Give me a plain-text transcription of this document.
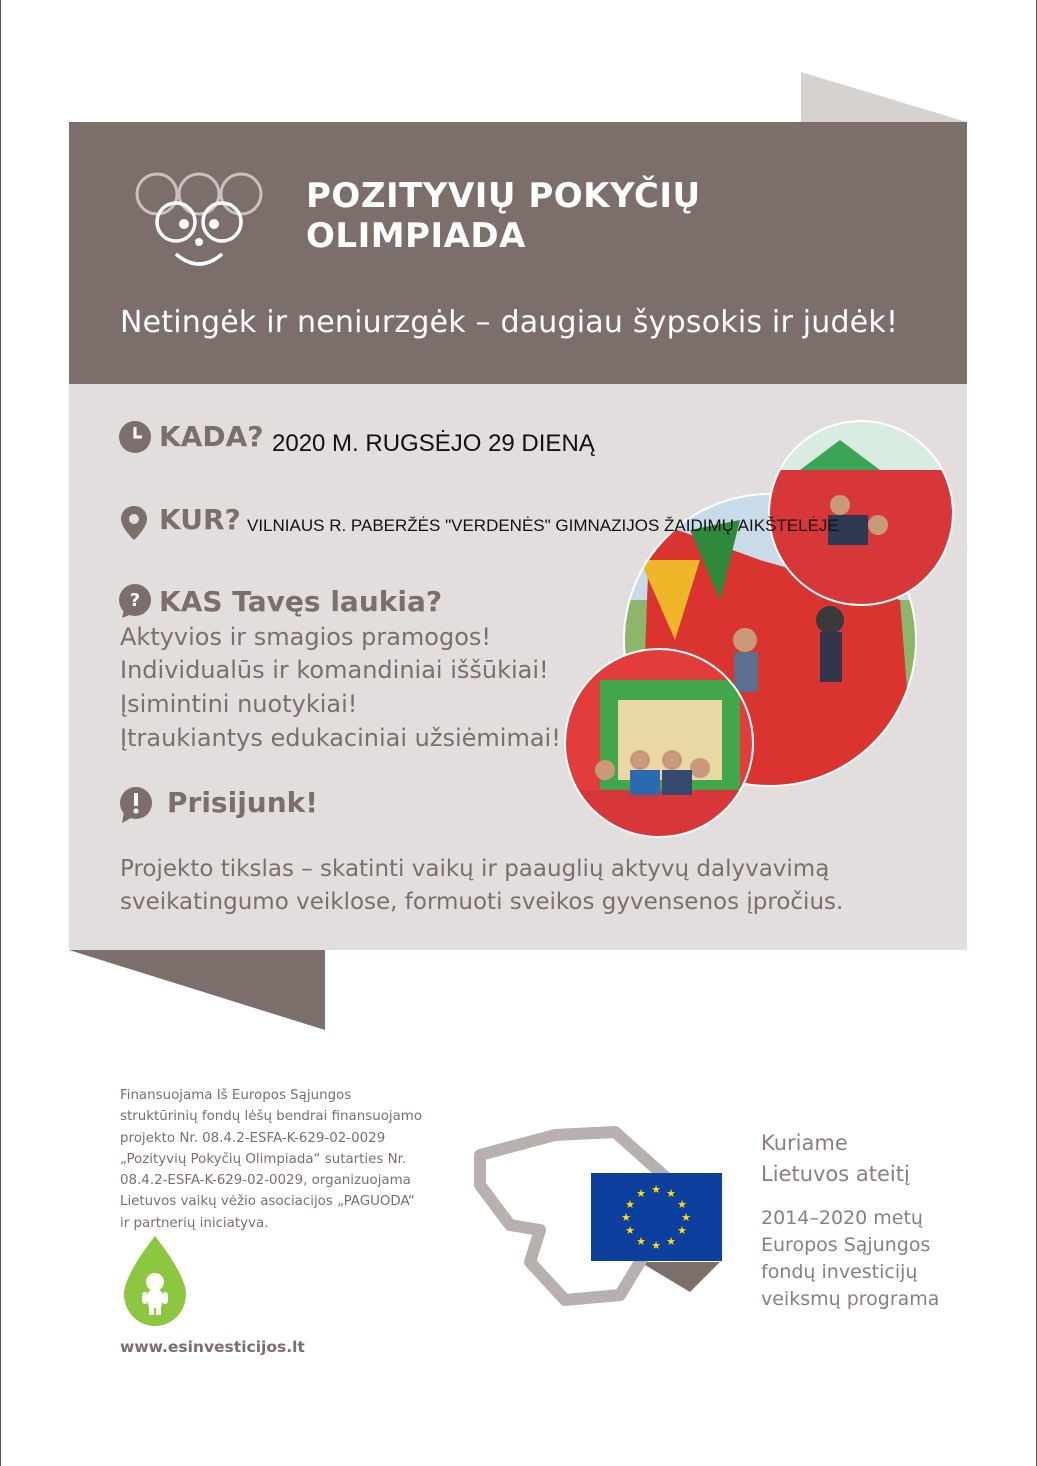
POZITYVIŲ POKYČIŲ
OLIMPIADA
Netingėk ir neniurzgėk – daugiau šypsokis ir judėk!
KADA? 2020 M. RUGSĖJO 29 DIENĄ
KUR? VILNIAUS R. PABERŽĖS "VERDENĖS" GIMNAZIJOS ŽAIDIMŲ AIKŠTELĖJE
? KAS Tavęs laukia?
Aktyvios ir smagios pramogos!
Individualūs ir komandiniai iššūkiai!
Įsimintini nuotykiai!
Įtraukiantys edukaciniai užsiėmimai!
Prisijunk!
Projekto tikslas – skatinti vaikų ir paauglių aktyvų dalyvavimą
sveikatingumo veiklose, formuoti sveikos gyvensenos įpročius.
Finansuojama Iš Europos Sąjungos
struktūrinių fondų lėšų bendrai finansuojamo
projekto Nr. 08.4.2-ESFA-K-629-02-0029
„Pozityvių Pokyčių Olimpiada“ sutarties Nr.
08.4.2-ESFA-K-629-02-0029, organizuojama
Lietuvos vaikų vėžio asociacijos „PAGUODA“
ir partnerių iniciatyva.
www.esinvesticijos.lt
★ ★
★
★
★
★
★
★
★
★
★
★
Kuriame
Lietuvos ateitį
2014–2020 metų
Europos Sąjungos
fondų investicijų
veiksmų programa
